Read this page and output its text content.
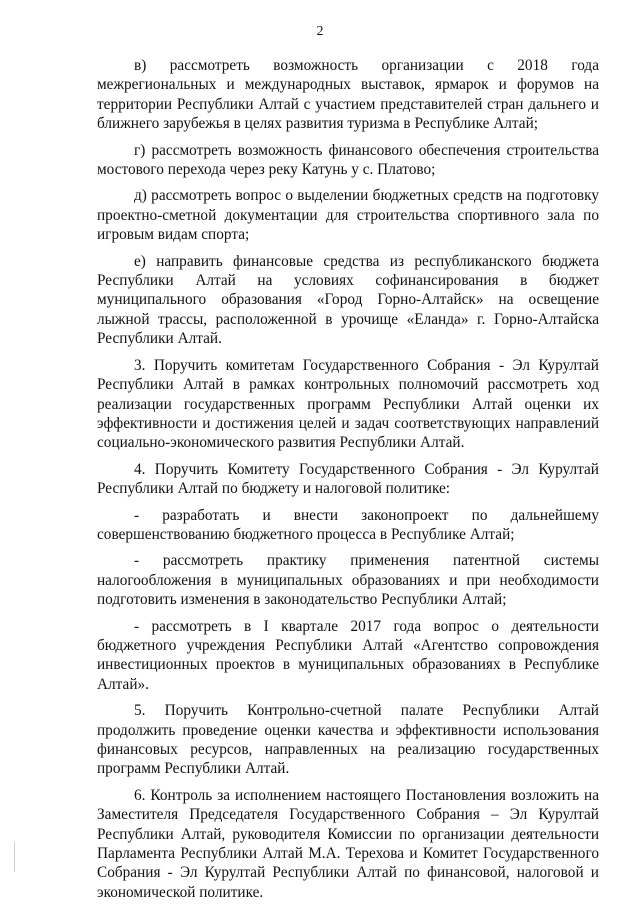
2

в) рассмотреть возможность организации с 2018 года межрегиональных и международных выставок, ярмарок и форумов на территории Республики Алтай с участием представителей стран дальнего и ближнего зарубежья в целях развития туризма в Республике Алтай;

г) рассмотреть возможность финансового обеспечения строительства мостового перехода через реку Катунь у с. Платово;

д) рассмотреть вопрос о выделении бюджетных средств на подготовку проектно-сметной документации для строительства спортивного зала по игровым видам спорта;

е) направить финансовые средства из республиканского бюджета Республики Алтай на условиях софинансирования в бюджет муниципального образования «Город Горно-Алтайск» на освещение лыжной трассы, расположенной в урочище «Еланда» г. Горно-Алтайска Республики Алтай.

3. Поручить комитетам Государственного Собрания - Эл Курултай Республики Алтай в рамках контрольных полномочий рассмотреть ход реализации государственных программ Республики Алтай оценки их эффективности и достижения целей и задач соответствующих направлений социально-экономического развития Республики Алтай.

4. Поручить Комитету Государственного Собрания - Эл Курултай Республики Алтай по бюджету и налоговой политике:

- разработать и внести законопроект по дальнейшему совершенствованию бюджетного процесса в Республике Алтай;

- рассмотреть практику применения патентной системы налогообложения в муниципальных образованиях и при необходимости подготовить изменения в законодательство Республики Алтай;

- рассмотреть в I квартале 2017 года вопрос о деятельности бюджетного учреждения Республики Алтай «Агентство сопровождения инвестиционных проектов в муниципальных образованиях в Республике Алтай».

5. Поручить Контрольно-счетной палате Республики Алтай продолжить проведение оценки качества и эффективности использования финансовых ресурсов, направленных на реализацию государственных программ Республики Алтай.

6. Контроль за исполнением настоящего Постановления возложить на Заместителя Председателя Государственного Собрания – Эл Курултай Республики Алтай, руководителя Комиссии по организации деятельности Парламента Республики Алтай М.А. Терехова и Комитет Государственного Собрания - Эл Курултай Республики Алтай по финансовой, налоговой и экономической политике.
